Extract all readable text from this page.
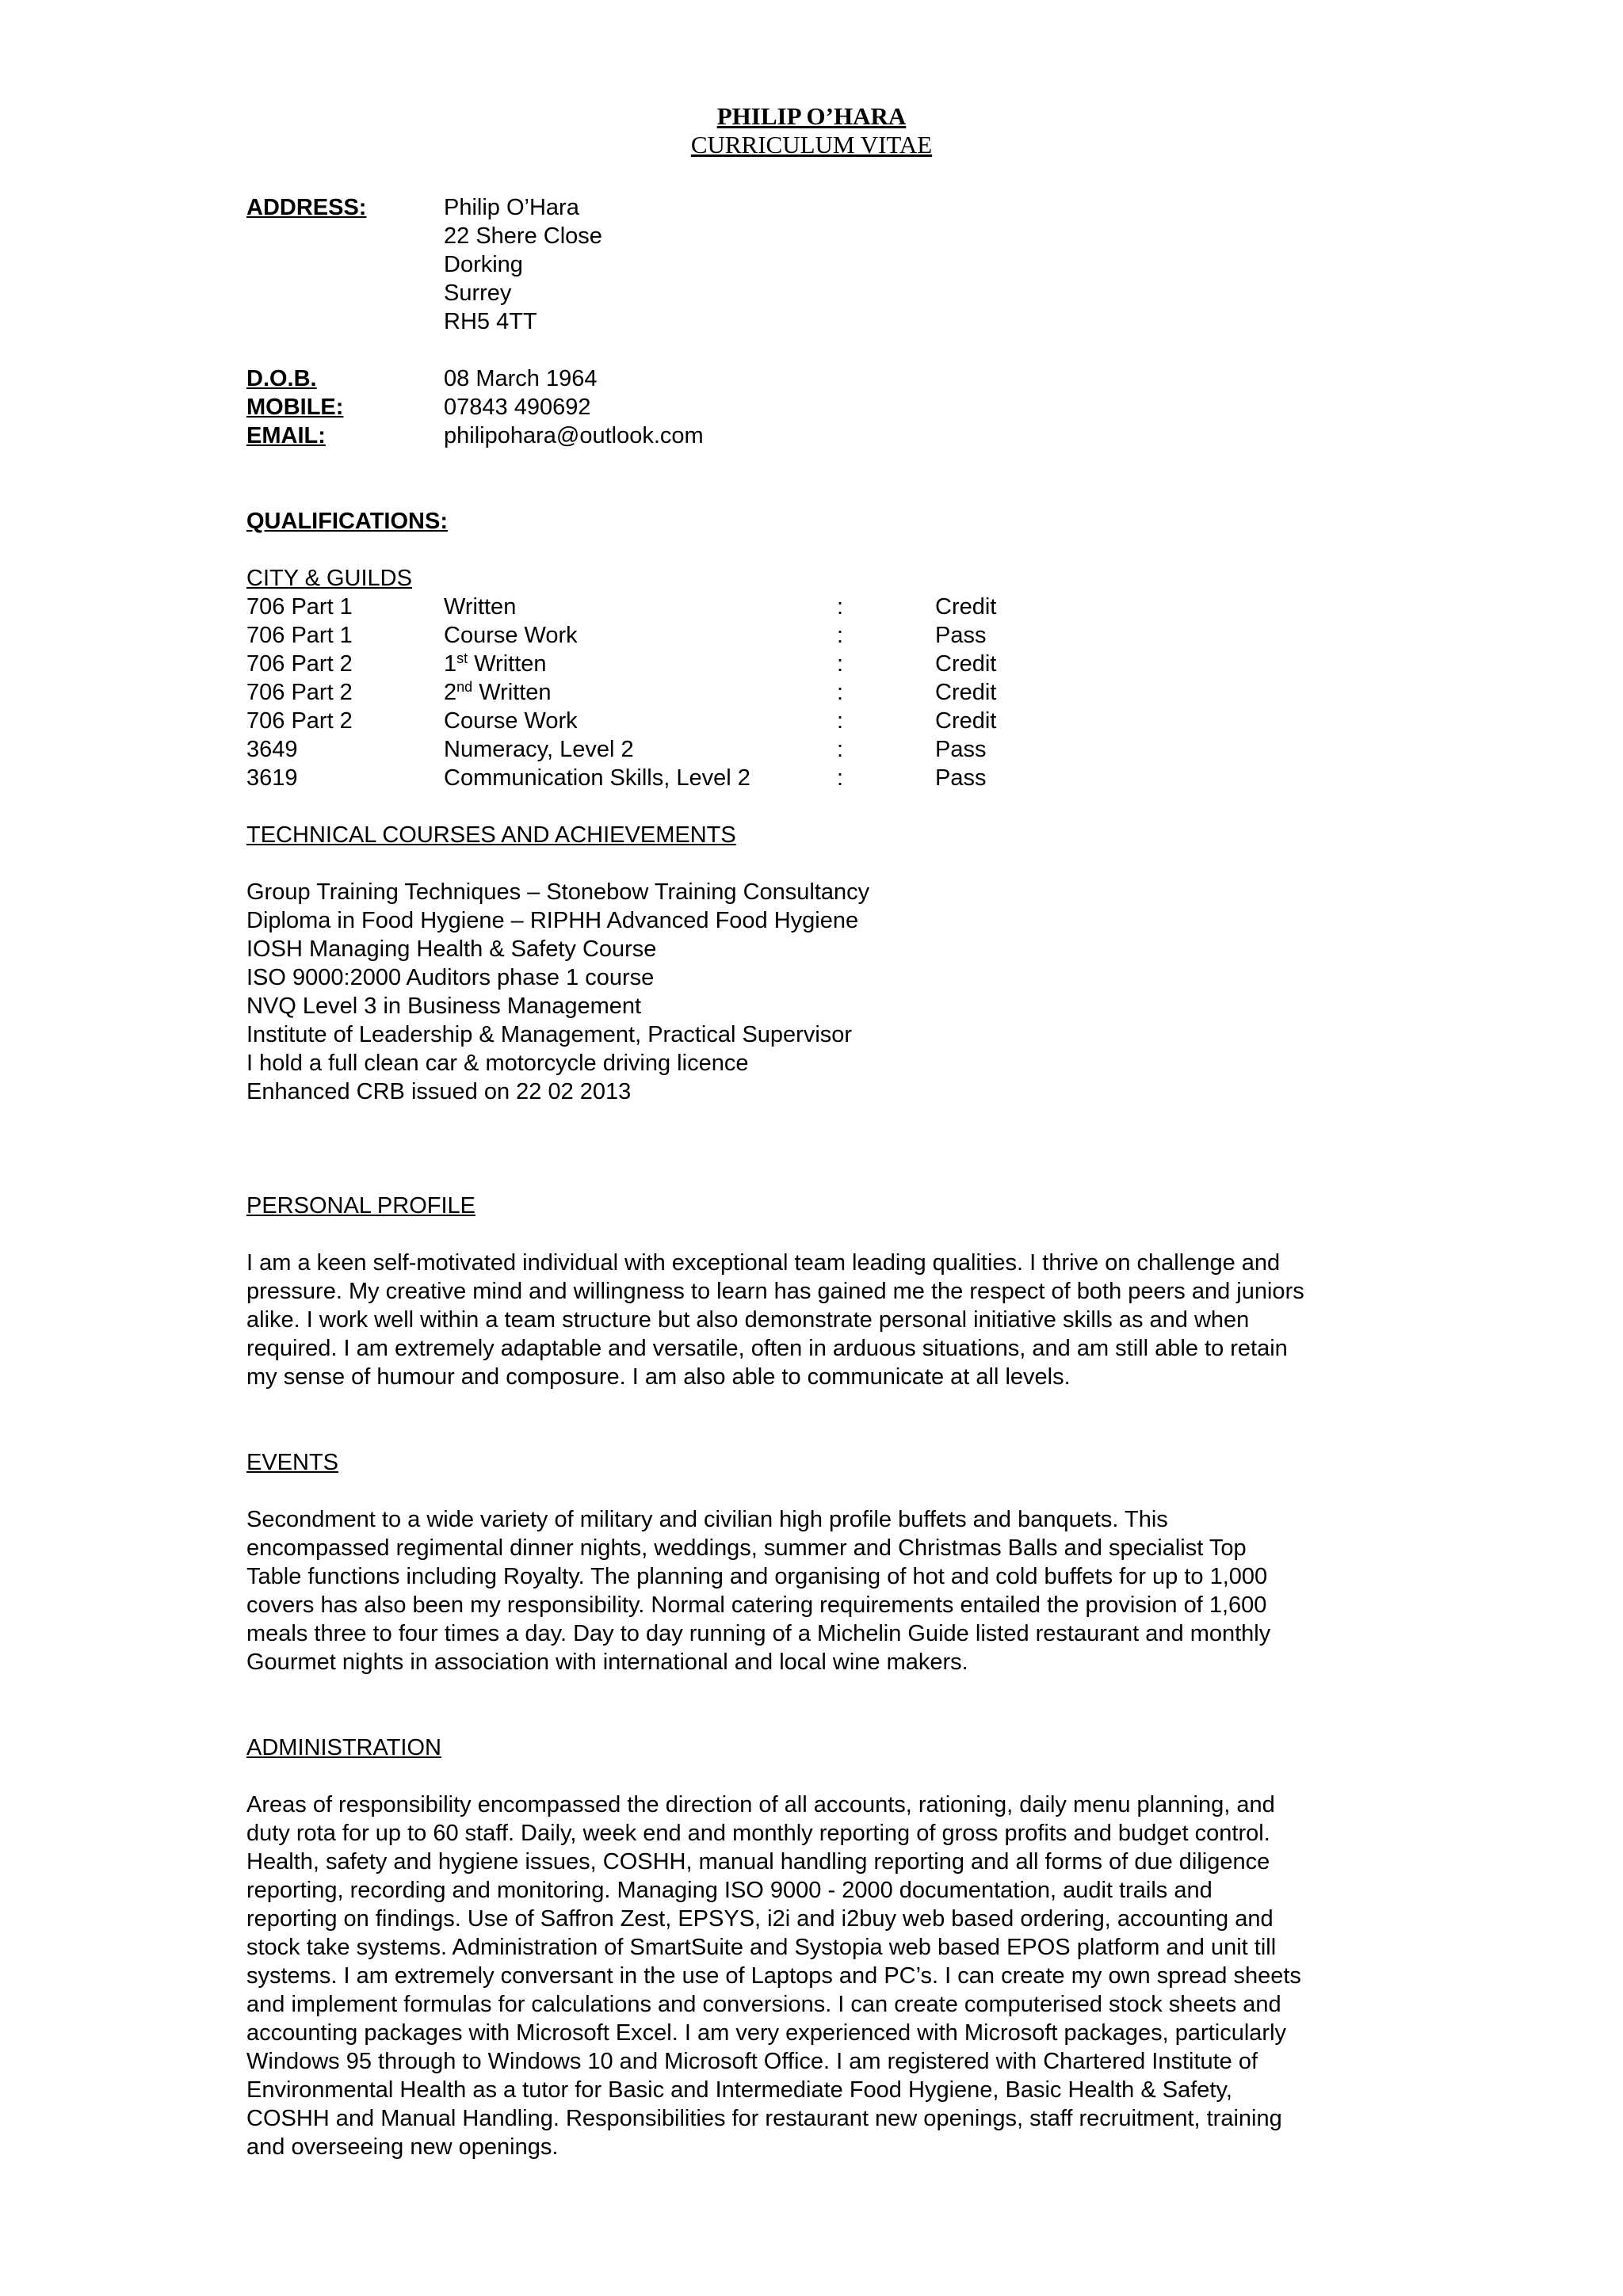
PHILIP O’HARA
CURRICULUM VITAE
ADDRESS:	Philip O’Hara
22 Shere Close
Dorking
Surrey
RH5 4TT
D.O.B.	08 March 1964
MOBILE:	07843 490692
EMAIL:	philipohara@outlook.com
QUALIFICATIONS:
CITY & GUILDS
706 Part 1	Written	:	Credit
706 Part 1	Course Work	:	Pass
706 Part 2	1st Written	:	Credit
706 Part 2	2nd Written	:	Credit
706 Part 2	Course Work	:	Credit
3649	Numeracy, Level 2	:	Pass
3619	Communication Skills, Level 2	:	Pass
TECHNICAL COURSES AND ACHIEVEMENTS
Group Training Techniques – Stonebow Training Consultancy
Diploma in Food Hygiene – RIPHH Advanced Food Hygiene
IOSH Managing Health & Safety Course
ISO 9000:2000 Auditors phase 1 course
NVQ Level 3 in Business Management
Institute of Leadership & Management, Practical Supervisor
I hold a full clean car & motorcycle driving licence
Enhanced CRB issued on 22 02 2013
PERSONAL PROFILE
I am a keen self-motivated individual with exceptional team leading qualities. I thrive on challenge and
pressure. My creative mind and willingness to learn has gained me the respect of both peers and juniors
alike. I work well within a team structure but also demonstrate personal initiative skills as and when
required. I am extremely adaptable and versatile, often in arduous situations, and am still able to retain
my sense of humour and composure. I am also able to communicate at all levels.
EVENTS
Secondment to a wide variety of military and civilian high profile buffets and banquets. This
encompassed regimental dinner nights, weddings, summer and Christmas Balls and specialist Top
Table functions including Royalty. The planning and organising of hot and cold buffets for up to 1,000
covers has also been my responsibility. Normal catering requirements entailed the provision of 1,600
meals three to four times a day. Day to day running of a Michelin Guide listed restaurant and monthly
Gourmet nights in association with international and local wine makers.
ADMINISTRATION
Areas of responsibility encompassed the direction of all accounts, rationing, daily menu planning, and
duty rota for up to 60 staff. Daily, week end and monthly reporting of gross profits and budget control.
Health, safety and hygiene issues, COSHH, manual handling reporting and all forms of due diligence
reporting, recording and monitoring. Managing ISO 9000 - 2000 documentation, audit trails and
reporting on findings. Use of Saffron Zest, EPSYS, i2i and i2buy web based ordering, accounting and
stock take systems. Administration of SmartSuite and Systopia web based EPOS platform and unit till
systems. I am extremely conversant in the use of Laptops and PC’s. I can create my own spread sheets
and implement formulas for calculations and conversions. I can create computerised stock sheets and
accounting packages with Microsoft Excel. I am very experienced with Microsoft packages, particularly
Windows 95 through to Windows 10 and Microsoft Office. I am registered with Chartered Institute of
Environmental Health as a tutor for Basic and Intermediate Food Hygiene, Basic Health & Safety,
COSHH and Manual Handling. Responsibilities for restaurant new openings, staff recruitment, training
and overseeing new openings.
